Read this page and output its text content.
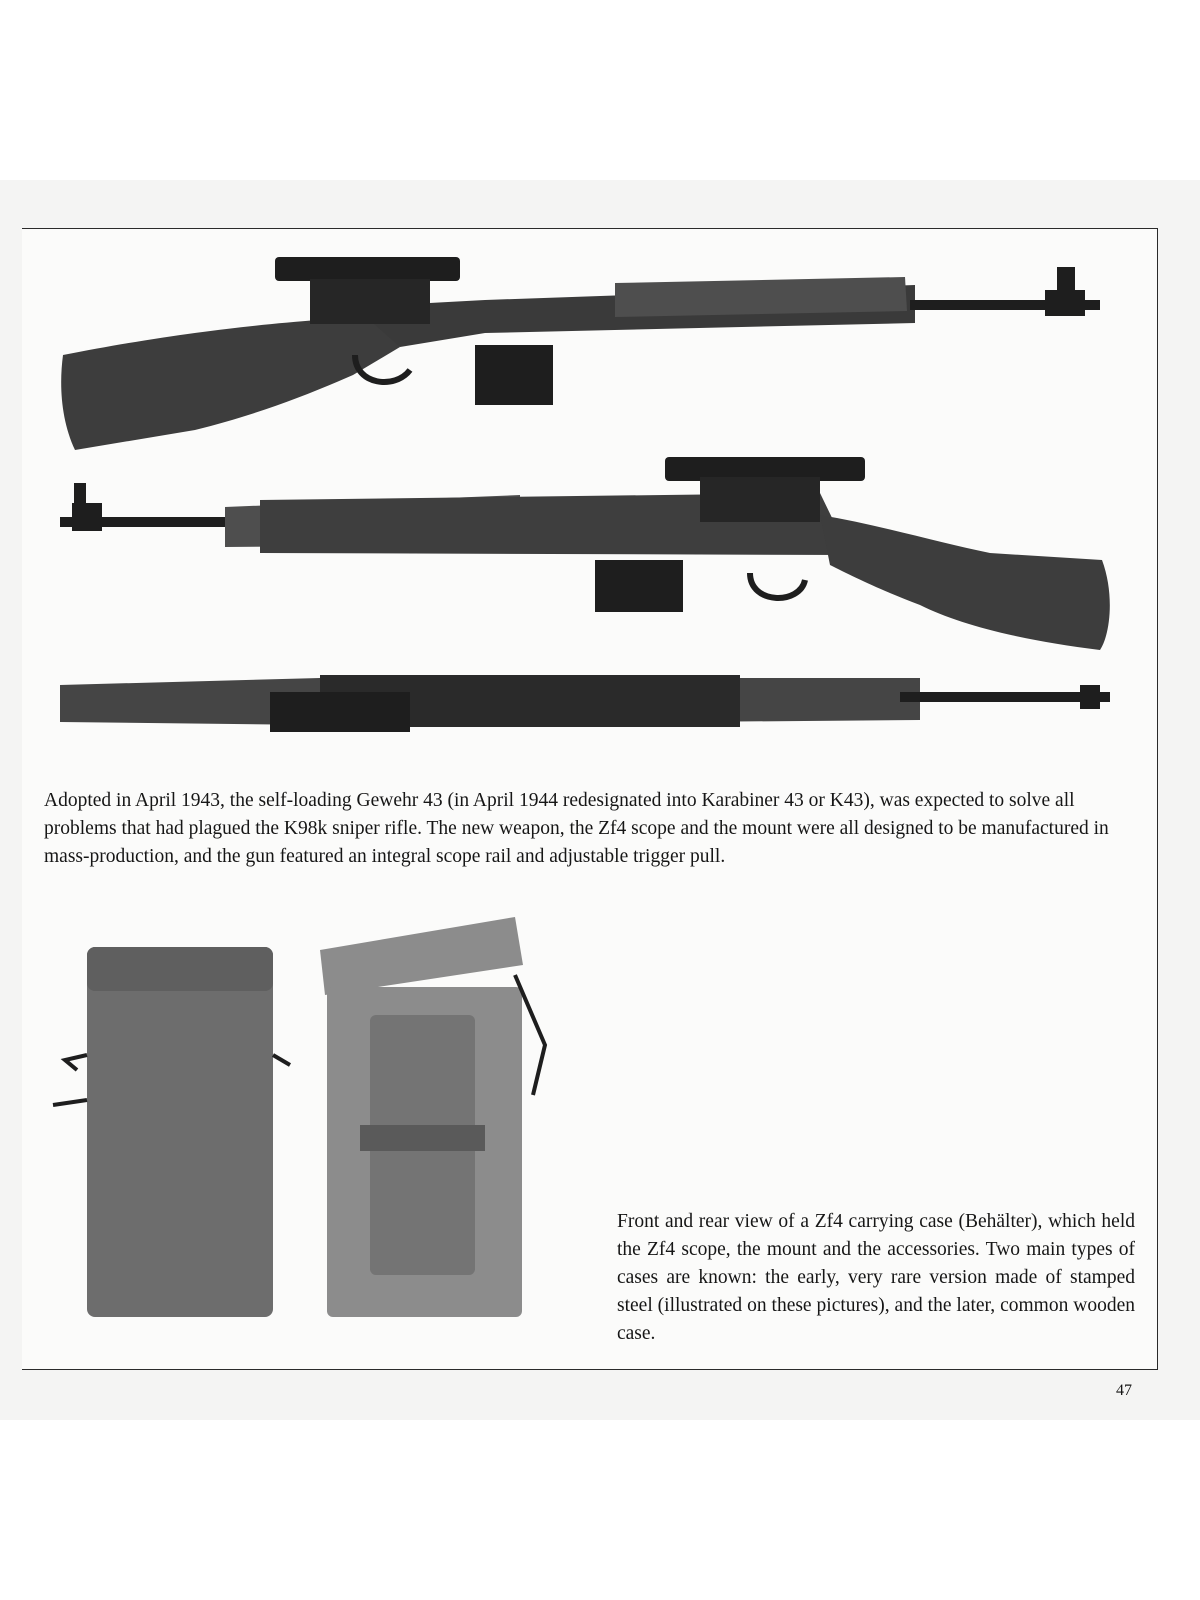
Adopted in April 1943, the self-loading Gewehr 43 (in April 1944 redesignated into Karabiner 43 or K43), was expected to solve all problems that had plagued the K98k sniper rifle. The new weapon, the Zf4 scope and the mount were all designed to be manufactured in mass-production, and the gun featured an integral scope rail and adjustable trigger pull.

Front and rear view of a Zf4 carrying case (Behälter), which held the Zf4 scope, the mount and the accessories. Two main types of cases are known: the early, very rare version made of stamped steel (illustrated on these pictures), and the later, common wooden case.

47
